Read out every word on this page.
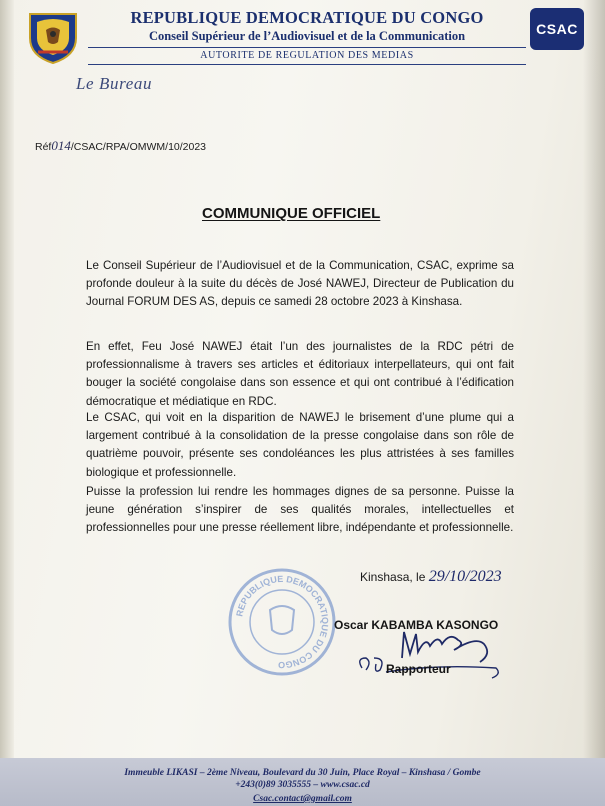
REPUBLIQUE DEMOCRATIQUE DU CONGO
Conseil Supérieur de l’Audiovisuel et de la Communication
AUTORITE DE REGULATION DES MEDIAS
CSAC
Le Bureau
Réf014/CSAC/RPA/OMWM/10/2023
COMMUNIQUE OFFICIEL

Le Conseil Supérieur de l’Audiovisuel et de la Communication, CSAC, exprime sa profonde douleur à la suite du décès de José NAWEJ, Directeur de Publication du Journal FORUM DES AS, depuis ce samedi 28 octobre 2023 à Kinshasa.

En effet, Feu José NAWEJ était l’un des journalistes de la RDC pétri de professionnalisme à travers ses articles et éditoriaux interpellateurs, qui ont fait bouger la société congolaise dans son essence et qui ont contribué à l’édification démocratique et médiatique en RDC.

Le CSAC, qui voit en la disparition de NAWEJ le brisement d’une plume qui a largement contribué à la consolidation de la presse congolaise dans son rôle de quatrième pouvoir, présente ses condoléances les plus attristées à ses familles biologique et professionnelle.

Puisse la profession lui rendre les hommages dignes de sa personne. Puisse la jeune génération s’inspirer de ses qualités morales, intellectuelles et professionnelles pour une presse réellement libre, indépendante et professionnelle.

REPUBLIQUE DEMOCRATIQUE DU CONGO
Kinshasa, le 29/10/2023
Oscar KABAMBA KASONGO
Rapporteur
Immeuble LIKASI – 2ème Niveau, Boulevard du 30 Juin, Place Royal – Kinshasa / Gombe
+243(0)89 3035555 – www.csac.cd
Csac.contact@gmail.com
